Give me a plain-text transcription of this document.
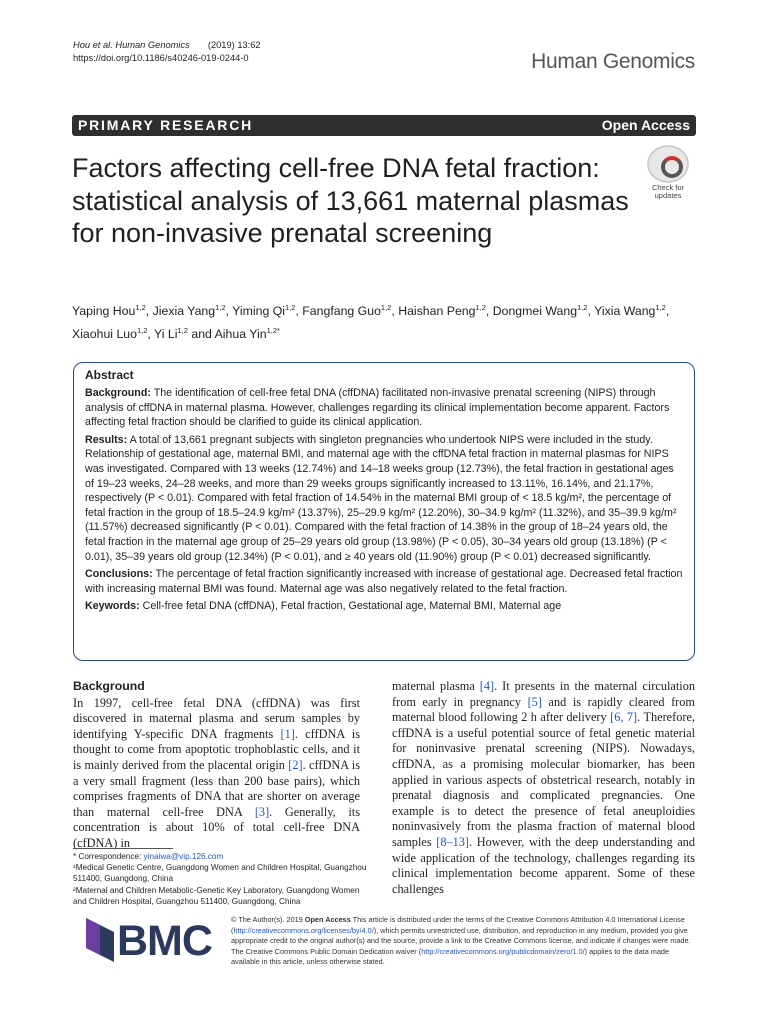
Hou et al. Human Genomics (2019) 13:62
https://doi.org/10.1186/s40246-019-0244-0	Human Genomics
PRIMARY RESEARCH	Open Access
Factors affecting cell-free DNA fetal fraction: statistical analysis of 13,661 maternal plasmas for non-invasive prenatal screening
Check for
updates
Yaping Hou$^{1,2}$, Jiexia Yang$^{1,2}$, Yiming Qi$^{1,2}$, Fangfang Guo$^{1,2}$, Haishan Peng$^{1,2}$, Dongmei Wang$^{1,2}$, Yixia Wang$^{1,2}$, Xiaohui Luo$^{1,2}$, Yi Li$^{1,2}$ and Aihua Yin$^{1,2*}$
Abstract

Background: The identification of cell-free fetal DNA (cffDNA) facilitated non-invasive prenatal screening (NIPS) through analysis of cffDNA in maternal plasma. However, challenges regarding its clinical implementation become apparent. Factors affecting fetal fraction should be clarified to guide its clinical application.

Results: A total of 13,661 pregnant subjects with singleton pregnancies who undertook NIPS were included in the study. Relationship of gestational age, maternal BMI, and maternal age with the cffDNA fetal fraction in maternal plasmas for NIPS was investigated. Compared with 13 weeks (12.74%) and 14–18 weeks group (12.73%), the fetal fraction in gestational ages of 19–23 weeks, 24–28 weeks, and more than 29 weeks groups significantly increased to 13.11%, 16.14%, and 21.17%, respectively (P < 0.01). Compared with fetal fraction of 14.54% in the maternal BMI group of < 18.5 kg/m², the percentage of fetal fraction in the group of 18.5–24.9 kg/m² (13.37%), 25–29.9 kg/m² (12.20%), 30–34.9 kg/m² (11.32%), and 35–39.9 kg/m² (11.57%) decreased significantly (P < 0.01). Compared with the fetal fraction of 14.38% in the group of 18–24 years old, the fetal fraction in the maternal age group of 25–29 years old group (13.98%) (P < 0.05), 30–34 years old group (13.18%) (P < 0.01), 35–39 years old group (12.34%) (P < 0.01), and ≥ 40 years old (11.90%) group (P < 0.01) decreased significantly.

Conclusions: The percentage of fetal fraction significantly increased with increase of gestational age. Decreased fetal fraction with increasing maternal BMI was found. Maternal age was also negatively related to the fetal fraction.

Keywords: Cell-free fetal DNA (cffDNA), Fetal fraction, Gestational age, Maternal BMI, Maternal age

Background
In 1997, cell-free fetal DNA (cffDNA) was first discovered in maternal plasma and serum samples by identifying Y-specific DNA fragments [1]. cffDNA is thought to come from apoptotic trophoblastic cells, and it is mainly derived from the placental origin [2]. cffDNA is a very small fragment (less than 200 base pairs), which comprises fragments of DNA that are shorter on average than maternal cell-free DNA [3]. Generally, its concentration is about 10% of total cell-free DNA (cfDNA) in
maternal plasma [4]. It presents in the maternal circulation from early in pregnancy [5] and is rapidly cleared from maternal blood following 2 h after delivery [6, 7]. Therefore, cffDNA is a useful potential source of fetal genetic material for noninvasive prenatal screening (NIPS). Nowadays, cffDNA, as a promising molecular biomarker, has been applied in various aspects of obstetrical research, notably in prenatal diagnosis and complicated pregnancies. One example is to detect the presence of fetal aneuploidies noninvasively from the plasma fraction of maternal blood samples [8–13]. However, with the deep understanding and wide application of the technology, challenges regarding its clinical implementation become apparent. Some of these challenges
* Correspondence: yinaiwa@vip.126.com
¹Medical Genetic Centre, Guangdong Women and Children Hospital, Guangzhou 511400, Guangdong, China
²Maternal and Children Metabolic-Genetic Key Laboratory, Guangdong Women and Children Hospital, Guangzhou 511400, Guangdong, China
BMC	© The Author(s). 2019 Open Access This article is distributed under the terms of the Creative Commons Attribution 4.0 International License (http://creativecommons.org/licenses/by/4.0/), which permits unrestricted use, distribution, and reproduction in any medium, provided you give appropriate credit to the original author(s) and the source, provide a link to the Creative Commons license, and indicate if changes were made. The Creative Commons Public Domain Dedication waiver (http://creativecommons.org/publicdomain/zero/1.0/) applies to the data made available in this article, unless otherwise stated.
